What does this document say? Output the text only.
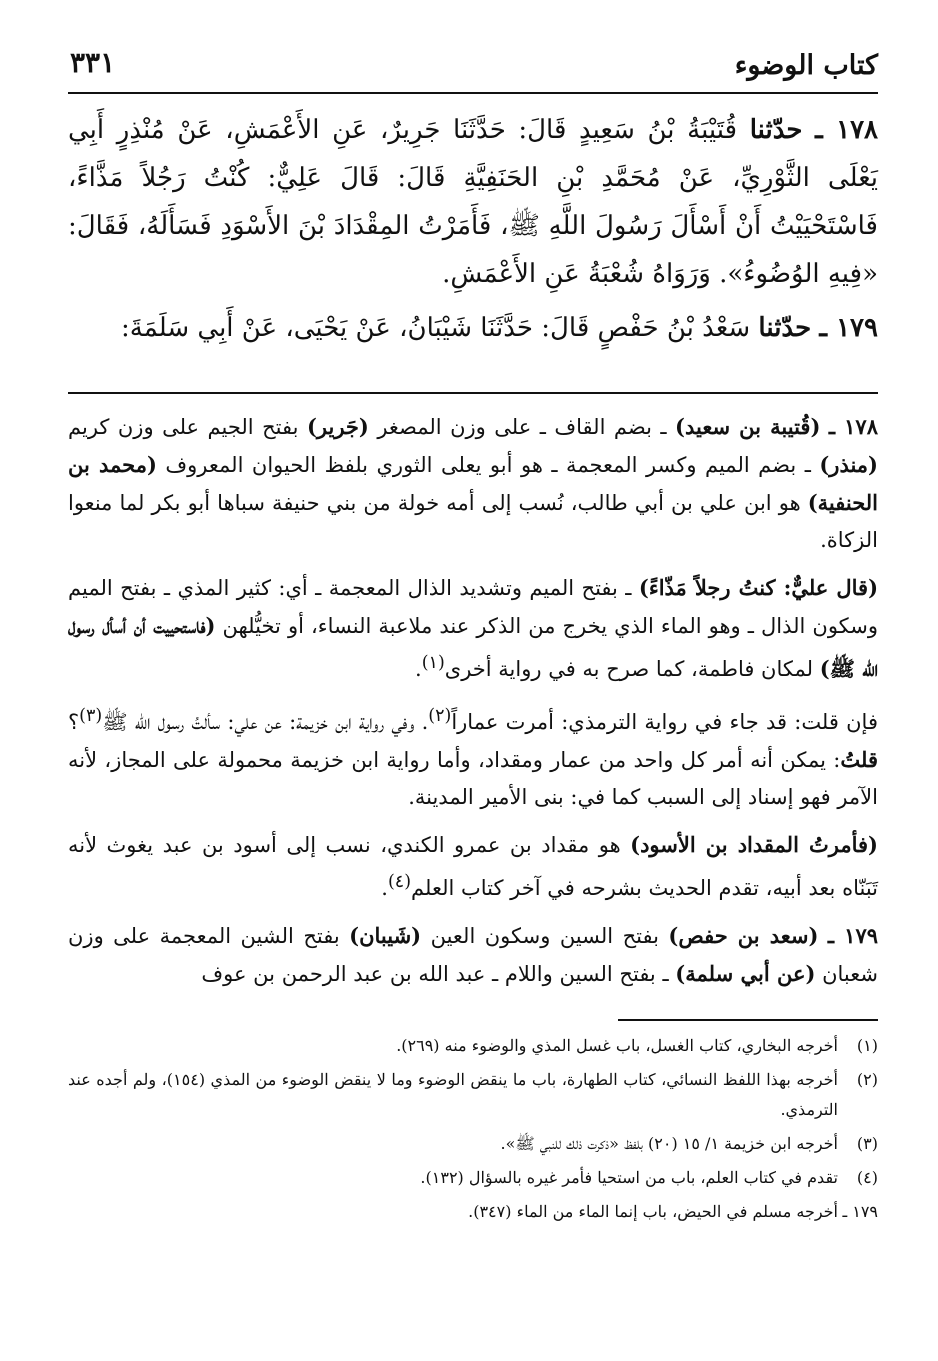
كتاب الوضوء
٣٣١

١٧٨ ـ حدّثنا قُتَيْبَةُ بْنُ سَعِيدٍ قَالَ: حَدَّثَنَا جَرِيرٌ، عَنِ الأَعْمَشِ، عَنْ مُنْذِرٍ أَبِي يَعْلَى الثَّوْرِيِّ، عَنْ مُحَمَّدِ بْنِ الحَنَفِيَّةِ قَالَ: قَالَ عَلِيٌّ: كُنْتُ رَجُلاً مَذَّاءً، فَاسْتَحْيَيْتُ أَنْ أَسْأَلَ رَسُولَ اللَّهِ ﷺ، فَأَمَرْتُ المِقْدَادَ بْنَ الأَسْوَدِ فَسَأَلَهُ، فَقَالَ: «فِيهِ الوُضُوءُ». وَرَوَاهُ شُعْبَةُ عَنِ الأَعْمَشِ.

١٧٩ ـ حدّثنا سَعْدُ بْنُ حَفْصٍ قَالَ: حَدَّثَنَا شَيْبَانُ، عَنْ يَحْيَى، عَنْ أَبِي سَلَمَةَ:

١٧٨ ـ (قُتيبة بن سعيد) ـ بضم القاف ـ على وزن المصغر (جَرير) بفتح الجيم على وزن كريم (منذر) ـ بضم الميم وكسر المعجمة ـ هو أبو يعلى الثوري بلفظ الحيوان المعروف (محمد بن الحنفية) هو ابن علي بن أبي طالب، نُسب إلى أمه خولة من بني حنيفة سباها أبو بكر لما منعوا الزكاة.

(قال عليٌّ: كنتُ رجلاً مَذّاءً) ـ بفتح الميم وتشديد الذال المعجمة ـ أي: كثير المذي ـ بفتح الميم وسكون الذال ـ وهو الماء الذي يخرج من الذكر عند ملاعبة النساء، أو تخيُّلهن (فاستحييت أن أسأل رسول الله ﷺ) لمكان فاطمة، كما صرح به في رواية أخرى$^{(١)}$.

فإن قلت: قد جاء في رواية الترمذي: أمرت عماراً$^{(٢)}$. وفي رواية ابن خزيمة: عن علي: سألتُ رسول الله ﷺ$^{(٣)}$؟ قلتُ: يمكن أنه أمر كل واحد من عمار ومقداد، وأما رواية ابن خزيمة محمولة على المجاز، لأنه الآمر فهو إسناد إلى السبب كما في: بنى الأمير المدينة.

(فأمرتُ المقداد بن الأسود) هو مقداد بن عمرو الكندي، نسب إلى أسود بن عبد يغوث لأنه تَبَنّاه بعد أبيه، تقدم الحديث بشرحه في آخر كتاب العلم$^{(٤)}$.

١٧٩ ـ (سعد بن حفص) بفتح السين وسكون العين (شَيبان) بفتح الشين المعجمة على وزن شعبان (عن أبي سلمة) ـ بفتح السين واللام ـ عبد الله بن عبد الرحمن بن عوف

(١)
أخرجه البخاري، كتاب الغسل، باب غسل المذي والوضوء منه (٢٦٩).
(٢)
أخرجه بهذا اللفظ النسائي، كتاب الطهارة، باب ما ينقض الوضوء وما لا ينقض الوضوء من المذي (١٥٤)، ولم أجده عند الترمذي.
(٣)
أخرجه ابن خزيمة ١/ ١٥ (٢٠) بلفظ «ذكرت ذلك للنبي ﷺ».
(٤)
تقدم في كتاب العلم، باب من استحيا فأمر غيره بالسؤال (١٣٢).
١٧٩ ـ
أخرجه مسلم في الحيض، باب إنما الماء من الماء (٣٤٧).
